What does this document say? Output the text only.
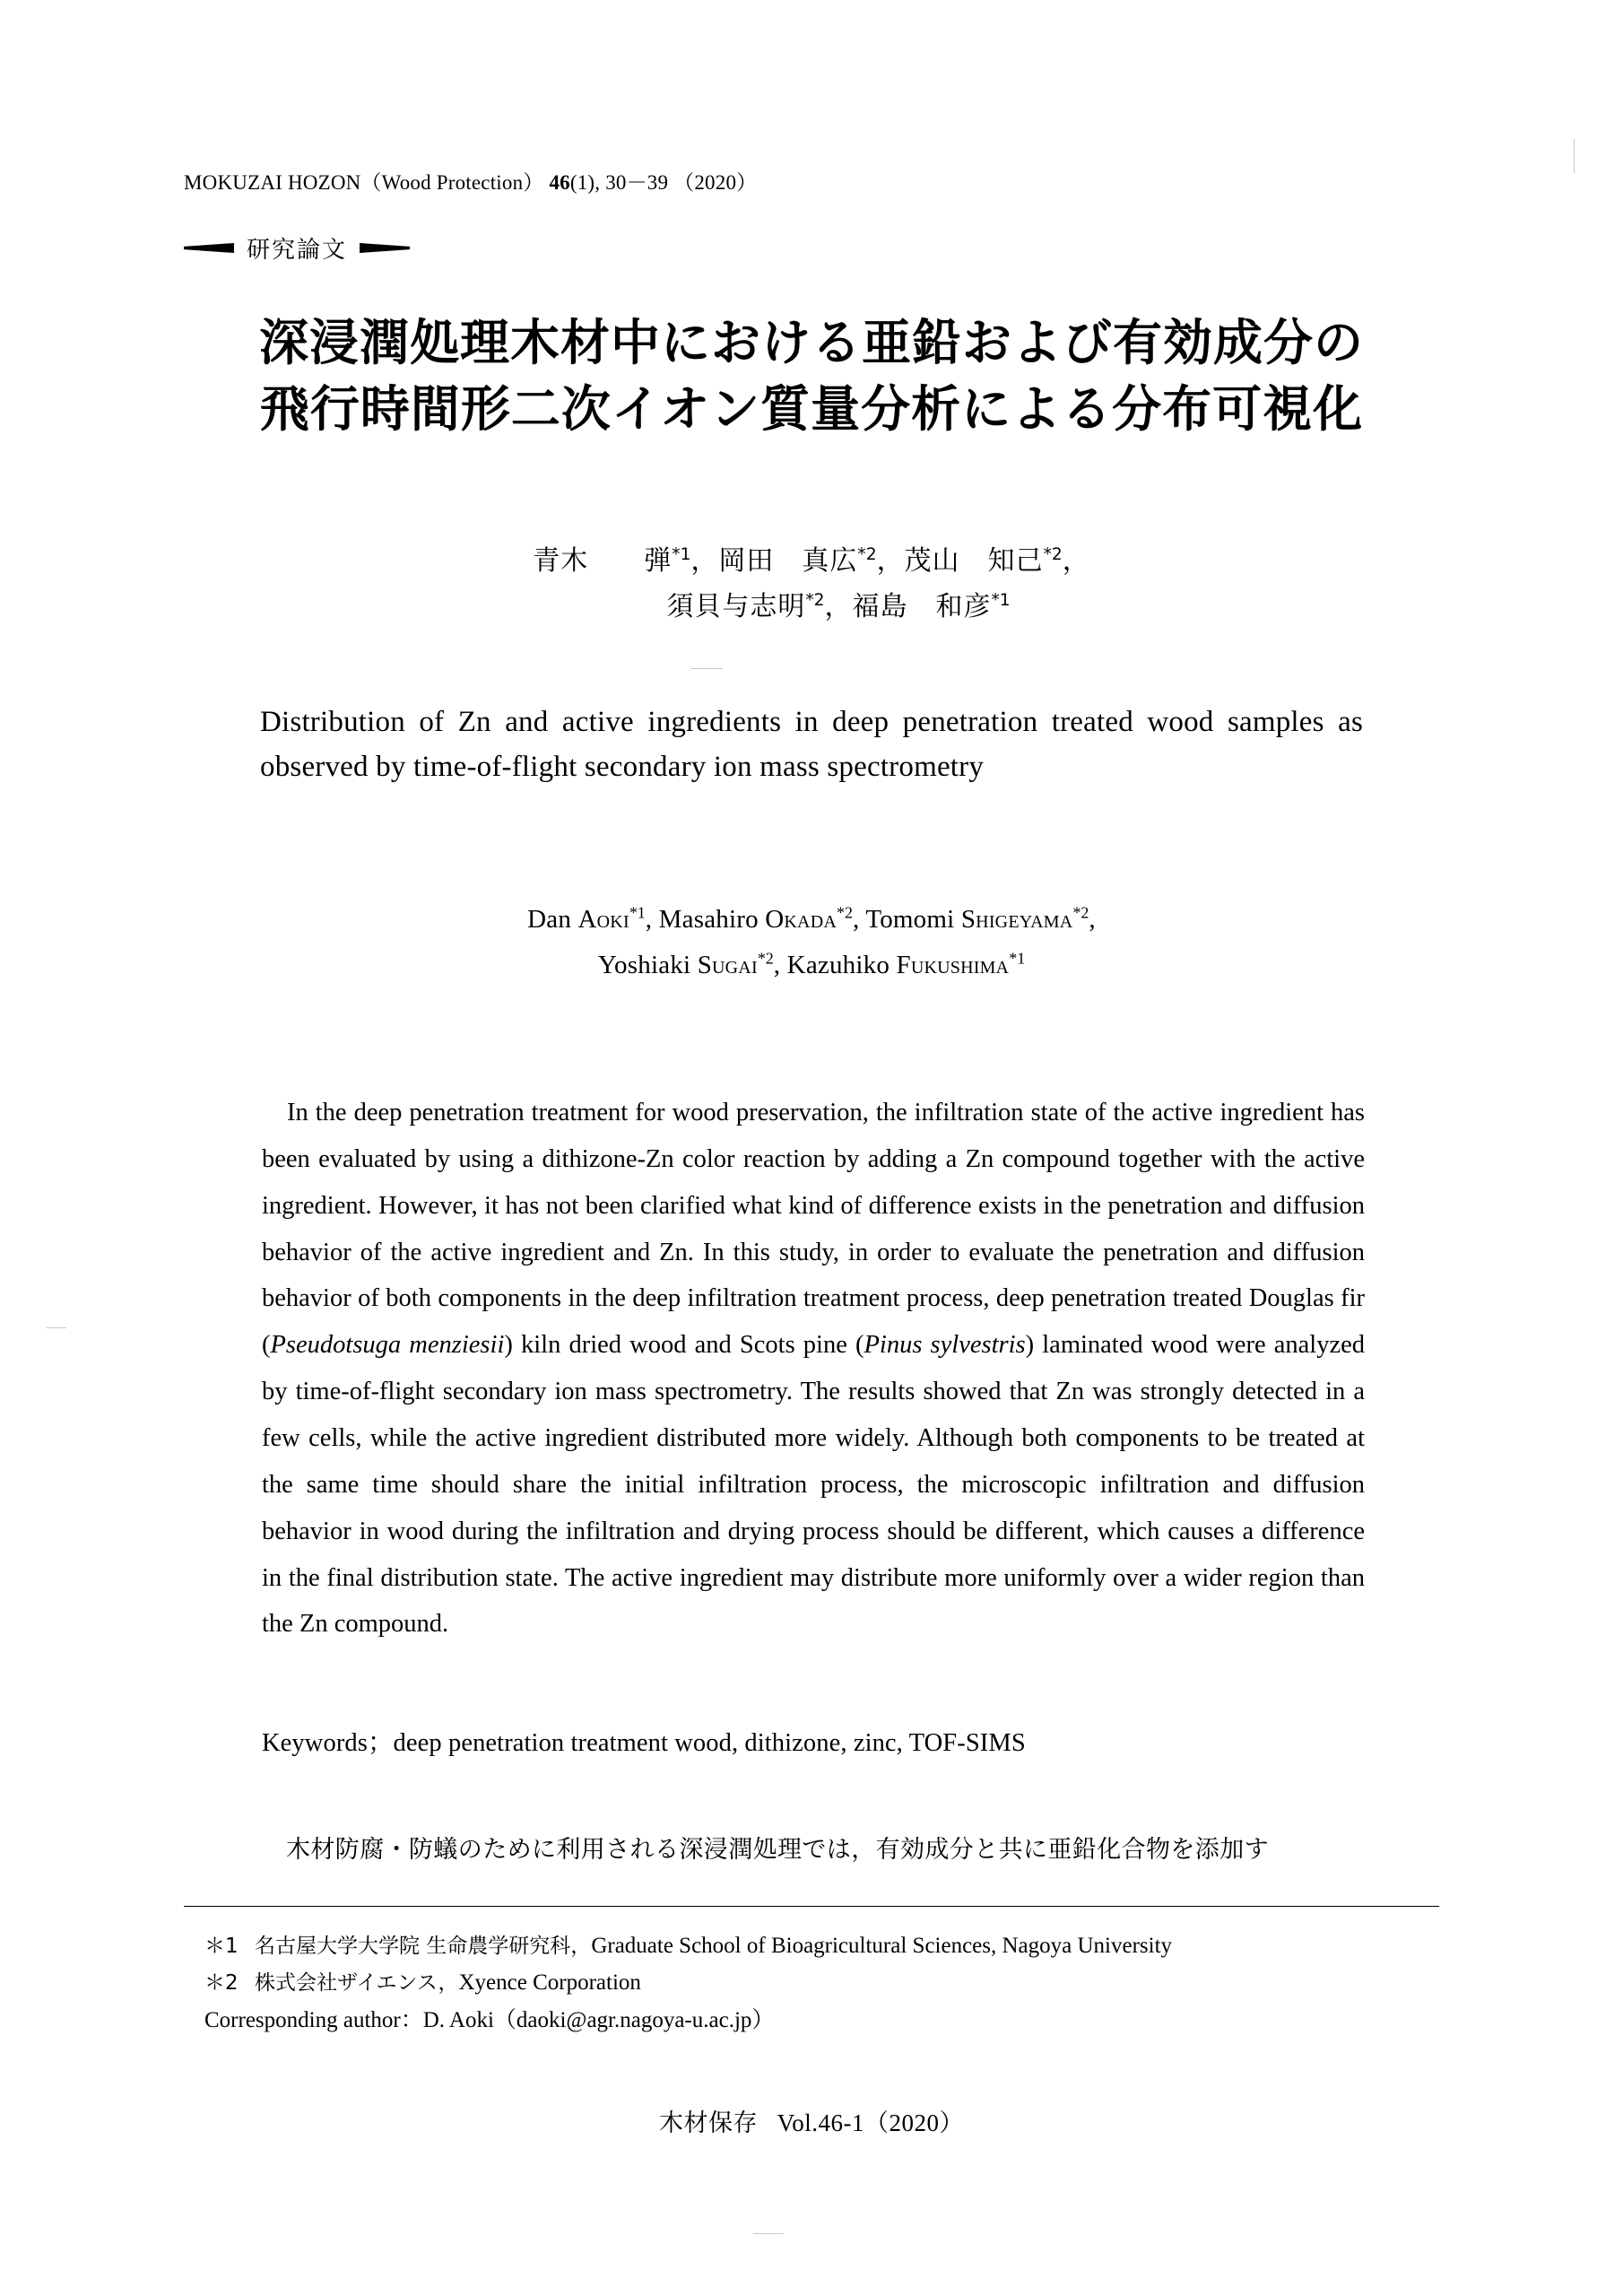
MOKUZAI HOZON（Wood Protection） 46(1), 30－39 （2020）
研究論文
深浸潤処理木材中における亜鉛および有効成分の
飛行時間形二次イオン質量分析による分布可視化
青木　　弾$^{*1}$，岡田　真広$^{*2}$，茂山　知己$^{*2}$，
須貝与志明$^{*2}$，福島　和彦$^{*1}$
Distribution of Zn and active ingredients in deep penetration treated wood samples as observed by time-of-flight secondary ion mass spectrometry
Dan Aoki$^{*1}$, Masahiro Okada$^{*2}$, Tomomi Shigeyama$^{*2}$,
Yoshiaki Sugai$^{*2}$, Kazuhiko Fukushima$^{*1}$
In the deep penetration treatment for wood preservation, the infiltration state of the active ingredient has been evaluated by using a dithizone-Zn color reaction by adding a Zn compound together with the active ingredient. However, it has not been clarified what kind of difference exists in the penetration and diffusion behavior of the active ingredient and Zn. In this study, in order to evaluate the penetration and diffusion behavior of both components in the deep infiltration treatment process, deep penetration treated Douglas fir (Pseudotsuga menziesii) kiln dried wood and Scots pine (Pinus sylvestris) laminated wood were analyzed by time-of-flight secondary ion mass spectrometry. The results showed that Zn was strongly detected in a few cells, while the active ingredient distributed more widely. Although both components to be treated at the same time should share the initial infiltration process, the microscopic infiltration and diffusion behavior in wood during the infiltration and drying process should be different, which causes a difference in the final distribution state. The active ingredient may distribute more uniformly over a wider region than the Zn compound.
Keywords；deep penetration treatment wood, dithizone, zinc, TOF-SIMS
木材防腐・防蟻のために利用される深浸潤処理では，有効成分と共に亜鉛化合物を添加す
＊1 名古屋大学大学院 生命農学研究科，Graduate School of Bioagricultural Sciences, Nagoya University
＊2 株式会社ザイエンス，Xyence Corporation
Corresponding author：D. Aoki（daoki@agr.nagoya-u.ac.jp）
木材保存 Vol.46-1（2020）
